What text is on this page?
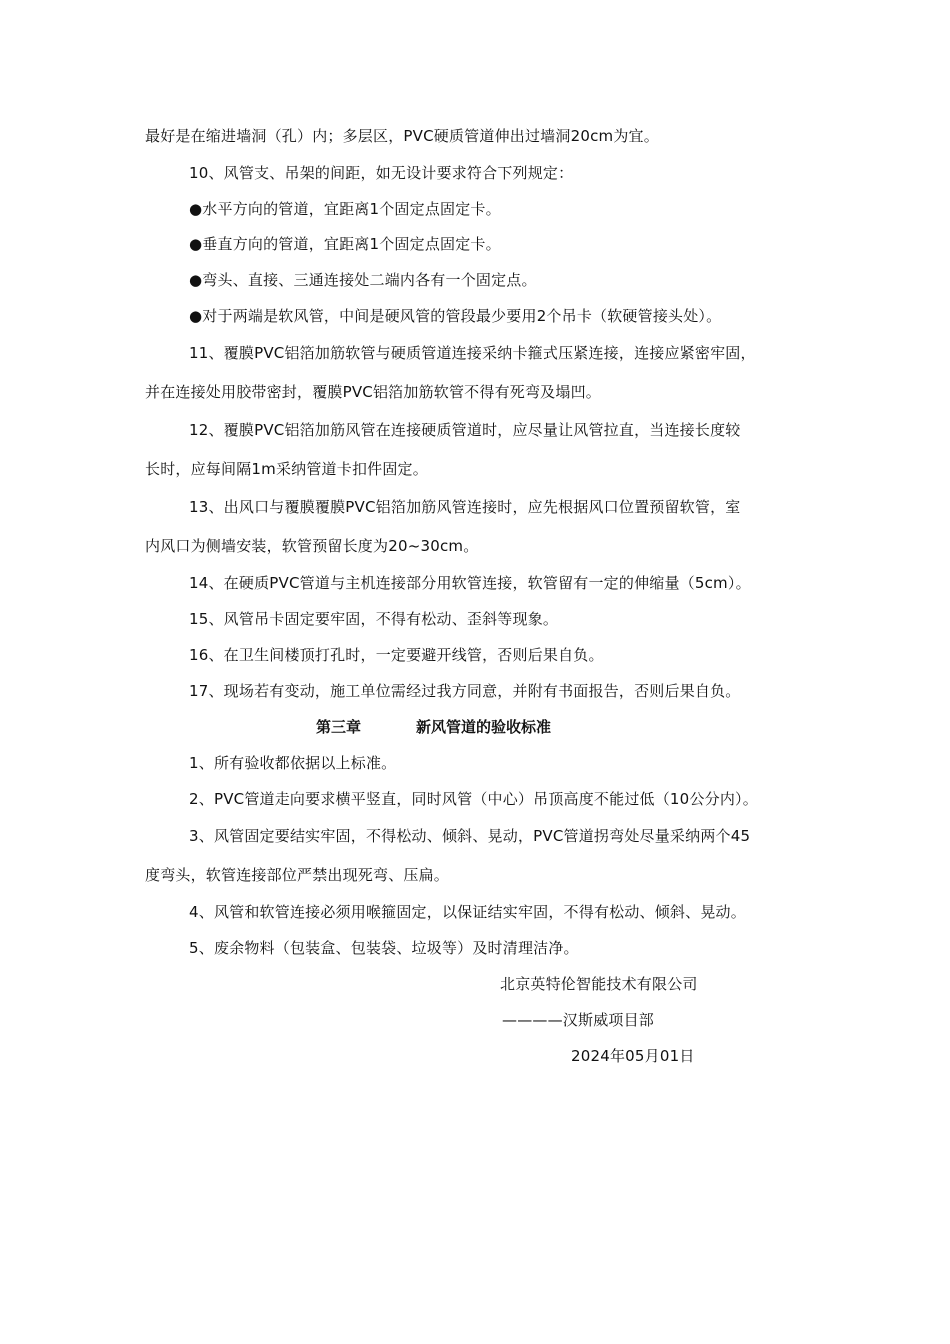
最好是在缩进墙洞（孔）内；多层区，PVC硬质管道伸出过墙洞20cm为宜。
10、风管支、吊架的间距，如无设计要求符合下列规定：
●水平方向的管道，宜距离1个固定点固定卡。
●垂直方向的管道，宜距离1个固定点固定卡。
●弯头、直接、三通连接处二端内各有一个固定点。
●对于两端是软风管，中间是硬风管的管段最少要用2个吊卡（软硬管接头处）。
11、覆膜PVC铝箔加筋软管与硬质管道连接采纳卡箍式压紧连接，连接应紧密牢固，
并在连接处用胶带密封，覆膜PVC铝箔加筋软管不得有死弯及塌凹。
12、覆膜PVC铝箔加筋风管在连接硬质管道时，应尽量让风管拉直，当连接长度较
长时，应每间隔1m采纳管道卡扣件固定。
13、出风口与覆膜覆膜PVC铝箔加筋风管连接时，应先根据风口位置预留软管，室
内风口为侧墙安装，软管预留长度为20~30cm。
14、在硬质PVC管道与主机连接部分用软管连接，软管留有一定的伸缩量（5cm）。
15、风管吊卡固定要牢固，不得有松动、歪斜等现象。
16、在卫生间楼顶打孔时，一定要避开线管，否则后果自负。
17、现场若有变动，施工单位需经过我方同意，并附有书面报告，否则后果自负。
第三章	新风管道的验收标准
1、所有验收都依据以上标准。
2、PVC管道走向要求横平竖直，同时风管（中心）吊顶高度不能过低（10公分内）。
3、风管固定要结实牢固，不得松动、倾斜、晃动，PVC管道拐弯处尽量采纳两个45
度弯头，软管连接部位严禁出现死弯、压扁。
4、风管和软管连接必须用喉箍固定，以保证结实牢固，不得有松动、倾斜、晃动。
5、废余物料（包装盒、包装袋、垃圾等）及时清理洁净。
北京英特伦智能技术有限公司
————汉斯威项目部
2024年05月01日
